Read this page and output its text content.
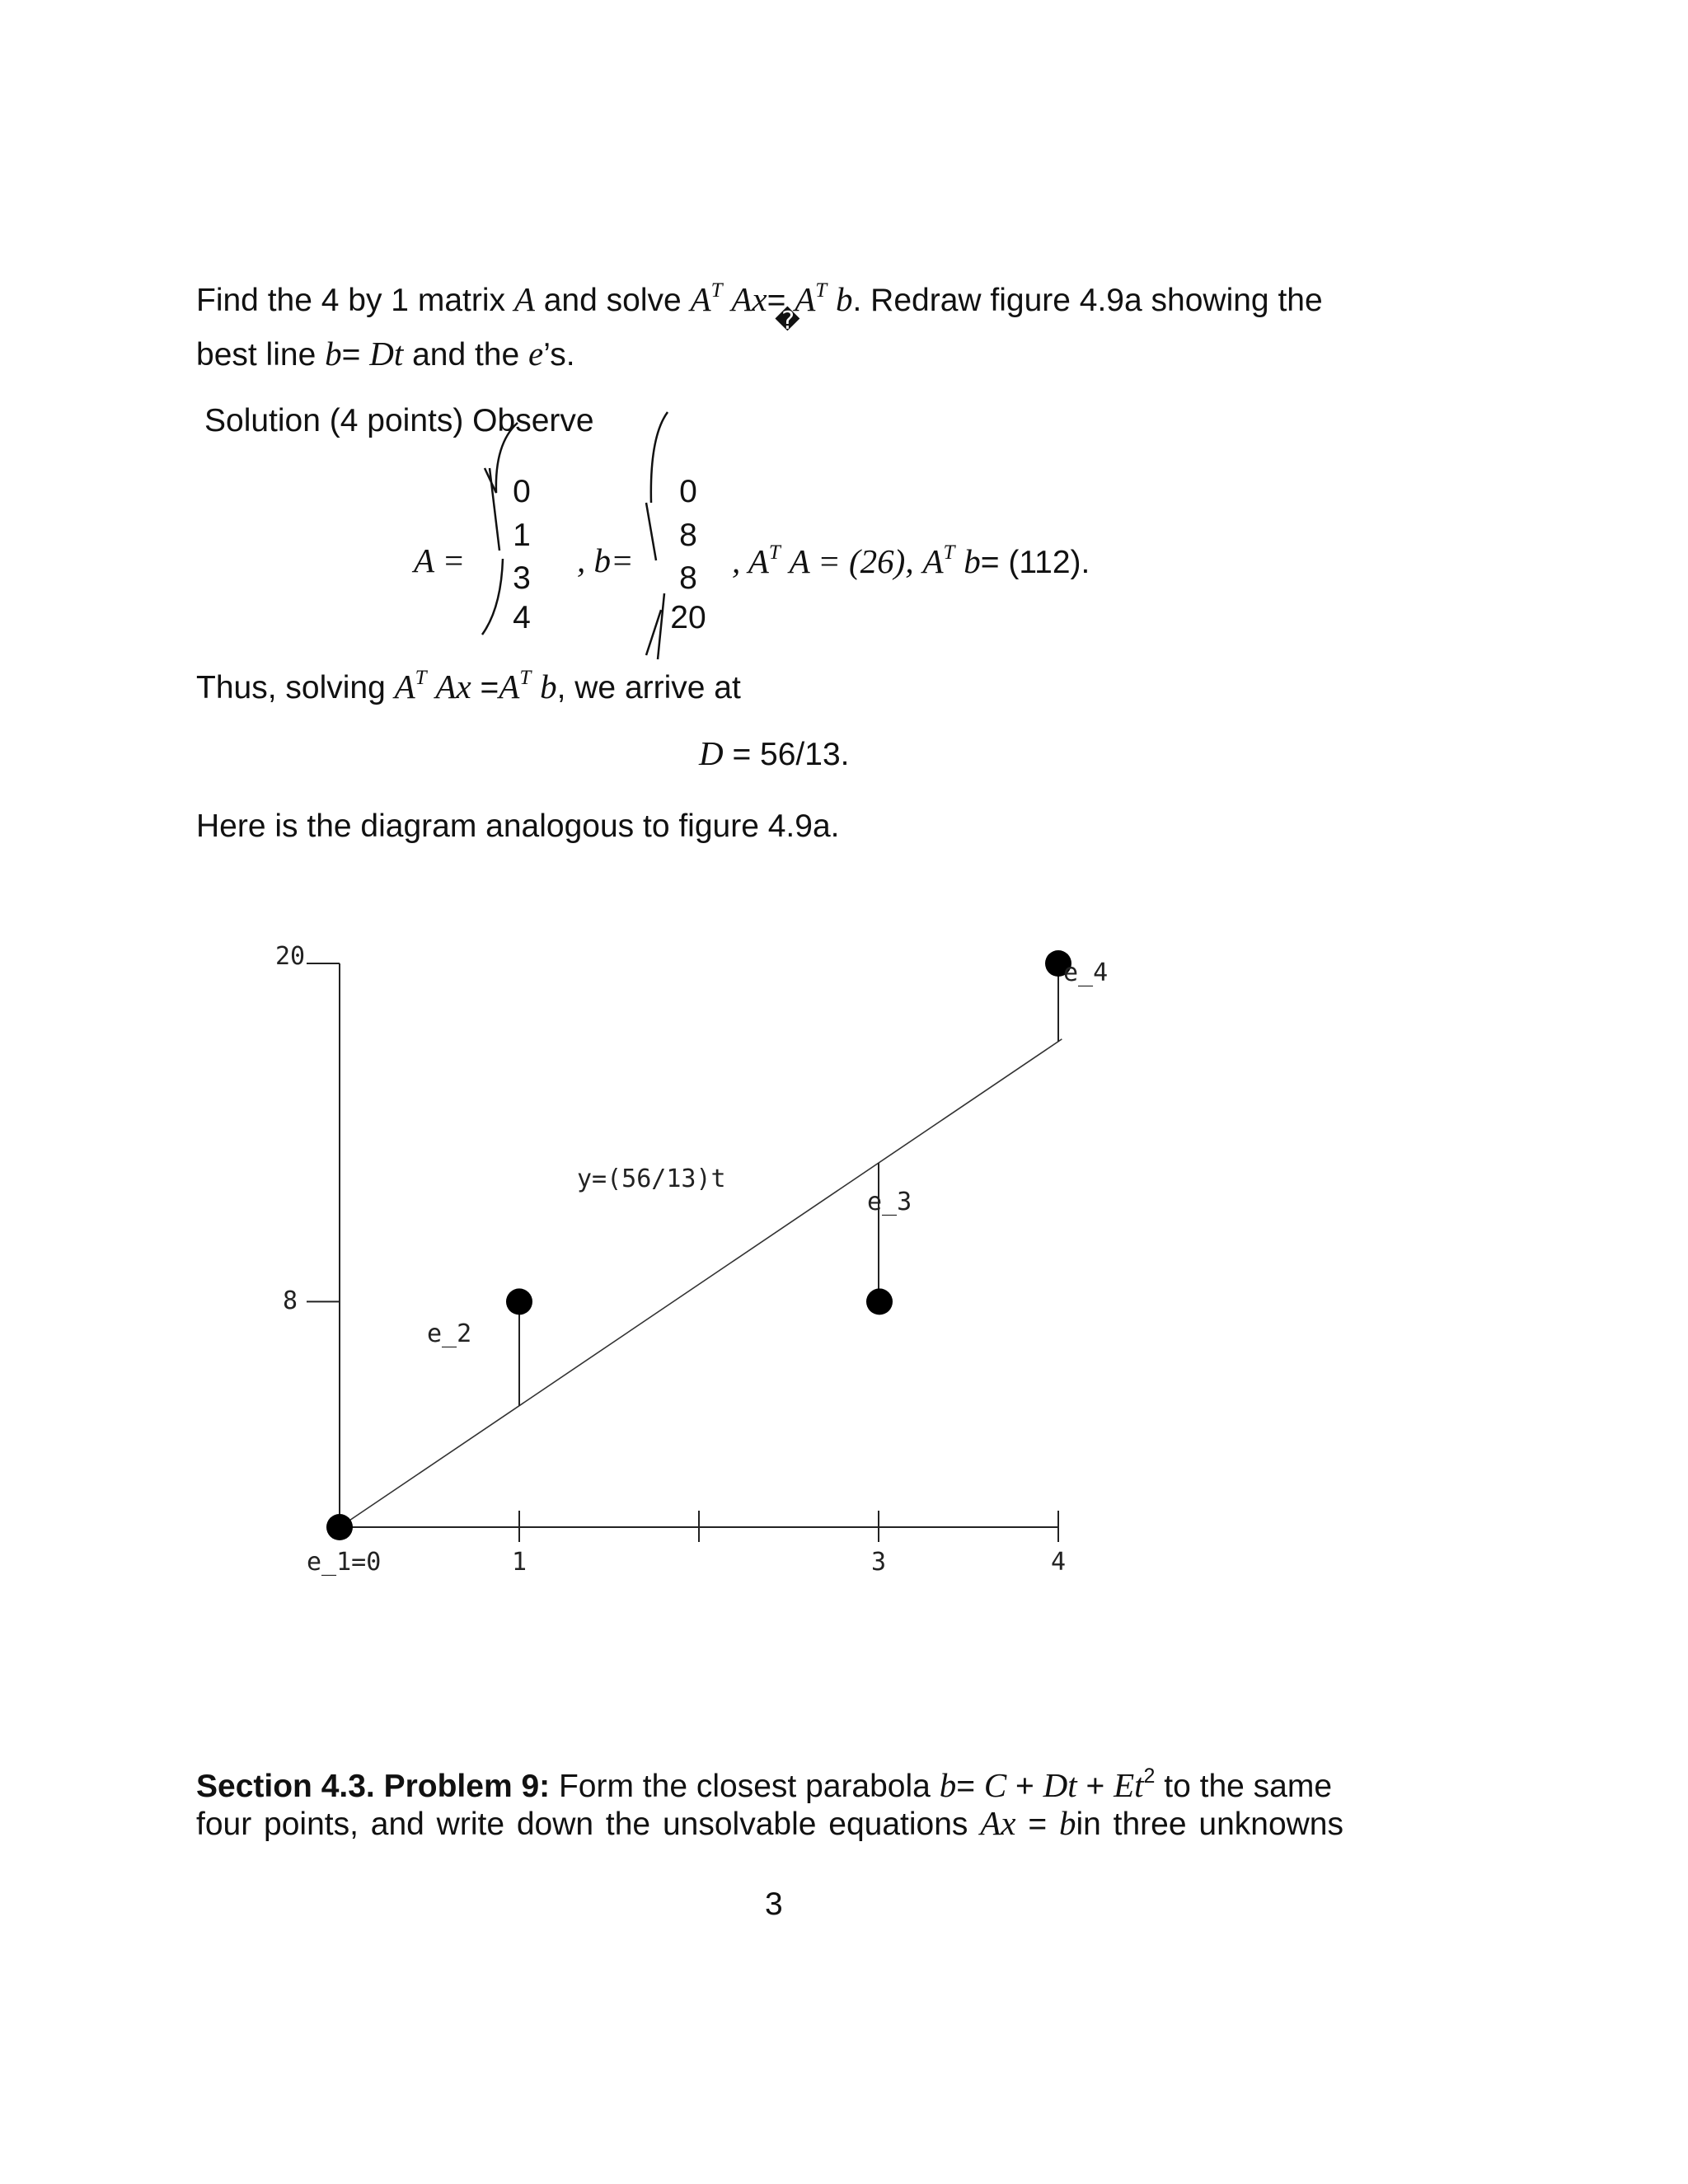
Find the 4 by 1 matrix A and solve $A^T$ $Ax= A^T$ b. Redraw figure 4.9a showing the
�
best line b= Dt and the e’s.
Solution (4 points) Observe
A =
0
1
3
4
, b=
0
8
8
20
, $A^T$ A = (26), $A^T$ b= (112).
Thus, solving $A^T$ $Ax =A^T$ b, we arrive at
D = 56/13.
Here is the diagram analogous to figure 4.9a.
20
8
1	3	4
y=(56/13)t
e_1=0
e_2
e_3
e_4
Section 4.3. Problem 9: Form the closest parabola $b= C + Dt + Et^2$ to the same
four points, and write down the unsolvable equations Ax = bin three unknowns
3
